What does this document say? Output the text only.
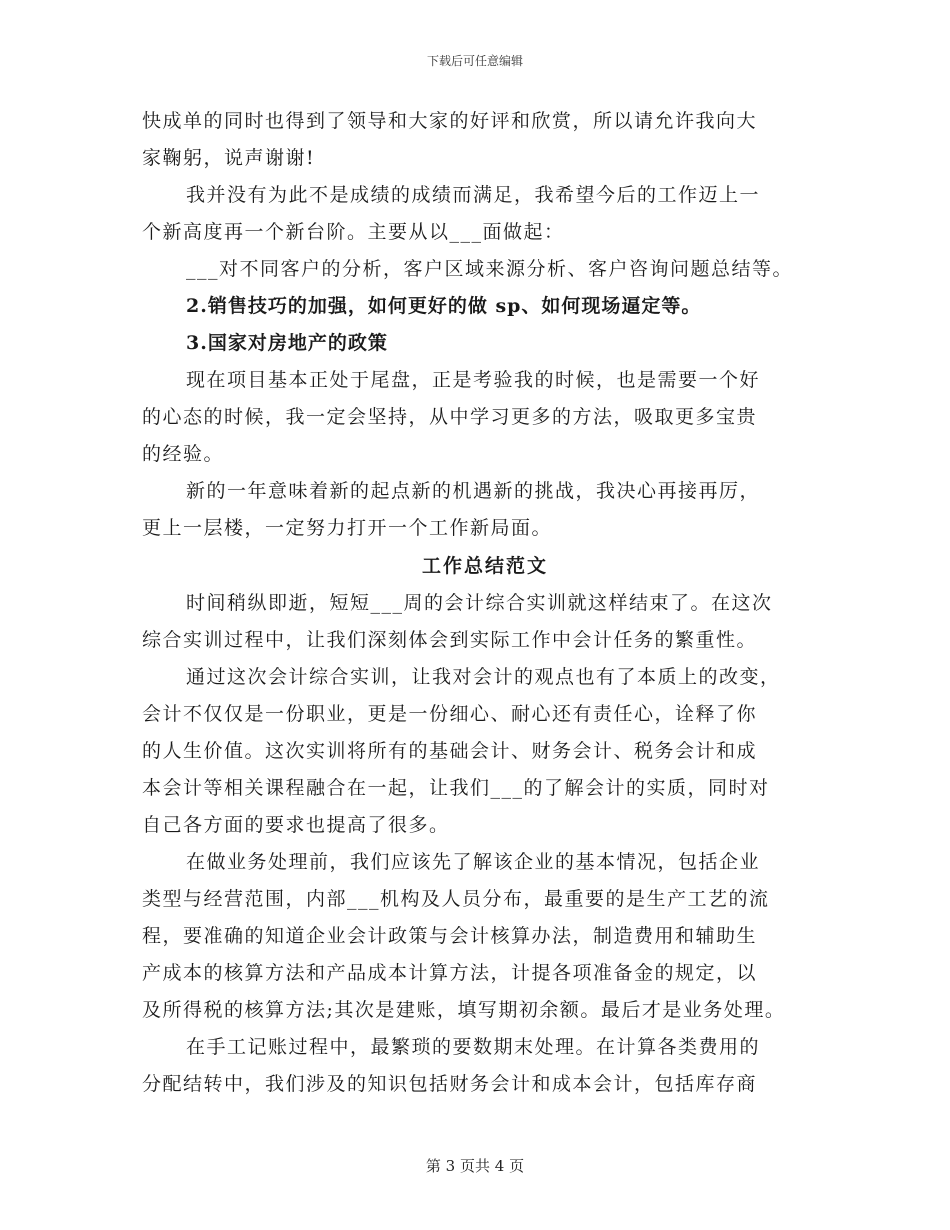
下载后可任意编辑
快成单的同时也得到了领导和大家的好评和欣赏，所以请允许我向大
家鞠躬，说声谢谢!
我并没有为此不是成绩的成绩而满足，我希望今后的工作迈上一
个新高度再一个新台阶。主要从以___面做起：
___对不同客户的分析，客户区域来源分析、客户咨询问题总结等。
2.销售技巧的加强，如何更好的做 sp、如何现场逼定等。
3.国家对房地产的政策
现在项目基本正处于尾盘，正是考验我的时候，也是需要一个好
的心态的时候，我一定会坚持，从中学习更多的方法，吸取更多宝贵
的经验。
新的一年意味着新的起点新的机遇新的挑战，我决心再接再厉，
更上一层楼，一定努力打开一个工作新局面。
工作总结范文
时间稍纵即逝，短短___周的会计综合实训就这样结束了。在这次
综合实训过程中，让我们深刻体会到实际工作中会计任务的繁重性。
通过这次会计综合实训，让我对会计的观点也有了本质上的改变，
会计不仅仅是一份职业，更是一份细心、耐心还有责任心，诠释了你
的人生价值。这次实训将所有的基础会计、财务会计、税务会计和成
本会计等相关课程融合在一起，让我们___的了解会计的实质，同时对
自己各方面的要求也提高了很多。
在做业务处理前，我们应该先了解该企业的基本情况，包括企业
类型与经营范围，内部___机构及人员分布，最重要的是生产工艺的流
程，要准确的知道企业会计政策与会计核算办法，制造费用和辅助生
产成本的核算方法和产品成本计算方法，计提各项准备金的规定，以
及所得税的核算方法;其次是建账，填写期初余额。最后才是业务处理。
在手工记账过程中，最繁琐的要数期末处理。在计算各类费用的
分配结转中，我们涉及的知识包括财务会计和成本会计，包括库存商
第 3 页共 4 页
